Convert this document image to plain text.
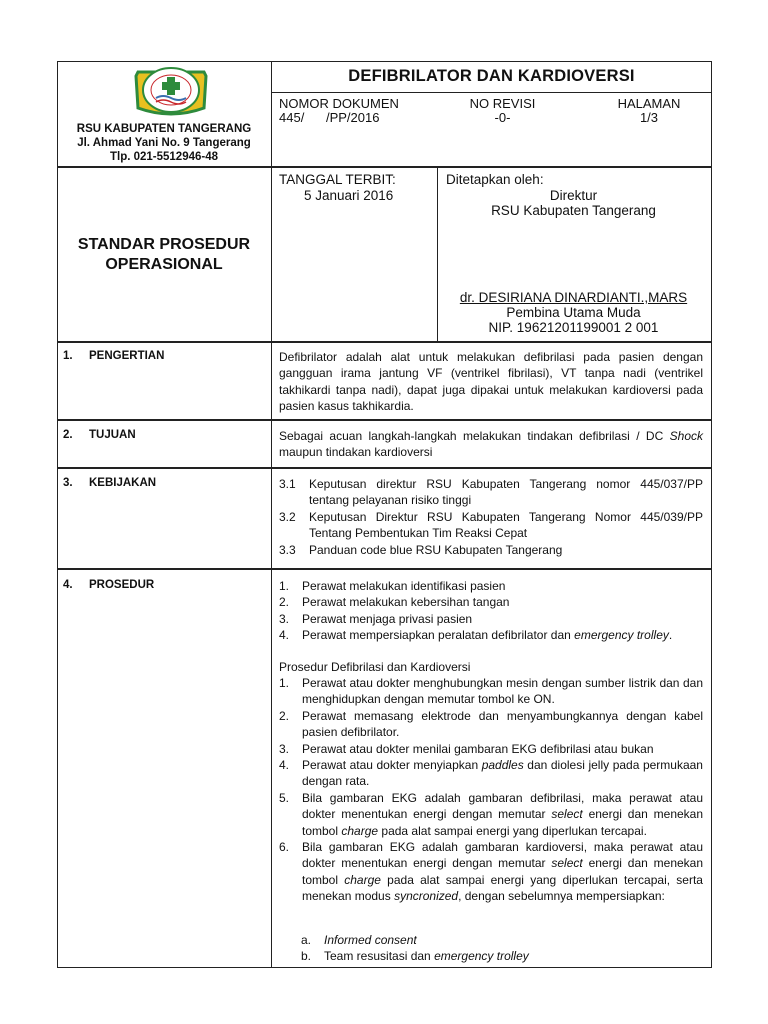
RSU KABUPATEN TANGERANG
Jl. Ahmad Yani No. 9 Tangerang
Tlp. 021-5512946-48
DEFIBRILATOR DAN KARDIOVERSI
NOMOR DOKUMEN
445/      /PP/2016
NO REVISI
-0-
HALAMAN
1/3
STANDAR PROSEDUR
OPERASIONAL
TANGGAL TERBIT:
5 Januari 2016
Ditetapkan oleh:
Direktur
RSU Kabupaten Tangerang
dr. DESIRIANA DINARDIANTI.,MARS
Pembina Utama Muda
NIP. 19621201199001 2 001
1. PENGERTIAN	Defibrilator adalah alat untuk melakukan defibrilasi pada pasien dengan gangguan irama jantung VF (ventrikel fibrilasi), VT tanpa nadi (ventrikel takhikardi tanpa nadi), dapat juga dipakai untuk melakukan kardioversi pada pasien kasus takhikardia.
2. TUJUAN	Sebagai acuan langkah-langkah melakukan tindakan defibrilasi / DC Shock maupun tindakan kardioversi
3. KEBIJAKAN	3.1 Keputusan direktur RSU Kabupaten Tangerang nomor 445/037/PP tentang pelayanan risiko tinggi
3.2 Keputusan Direktur RSU Kabupaten Tangerang Nomor 445/039/PP Tentang Pembentukan Tim Reaksi Cepat
3.3 Panduan code blue RSU Kabupaten Tangerang
4. PROSEDUR	1. Perawat melakukan identifikasi pasien
2. Perawat melakukan kebersihan tangan
3. Perawat menjaga privasi pasien
4. Perawat mempersiapkan peralatan defibrilator dan emergency trolley.
Prosedur Defibrilasi dan Kardioversi
1. Perawat atau dokter menghubungkan mesin dengan sumber listrik dan dan menghidupkan dengan memutar tombol ke ON.
2. Perawat memasang elektrode dan menyambungkannya dengan kabel pasien defibrilator.
3. Perawat atau dokter menilai gambaran EKG defibrilasi atau bukan
4. Perawat atau dokter menyiapkan paddles dan diolesi jelly pada permukaan dengan rata.
5. Bila gambaran EKG adalah gambaran defibrilasi, maka perawat atau dokter menentukan energi dengan memutar select energi dan menekan tombol charge pada alat sampai energi yang diperlukan tercapai.
6. Bila gambaran EKG adalah gambaran kardioversi, maka perawat atau dokter menentukan energi dengan memutar select energi dan menekan tombol charge pada alat sampai energi yang diperlukan tercapai, serta menekan modus syncronized, dengan sebelumnya mempersiapkan:
a. Informed consent
b. Team resusitasi dan emergency trolley
